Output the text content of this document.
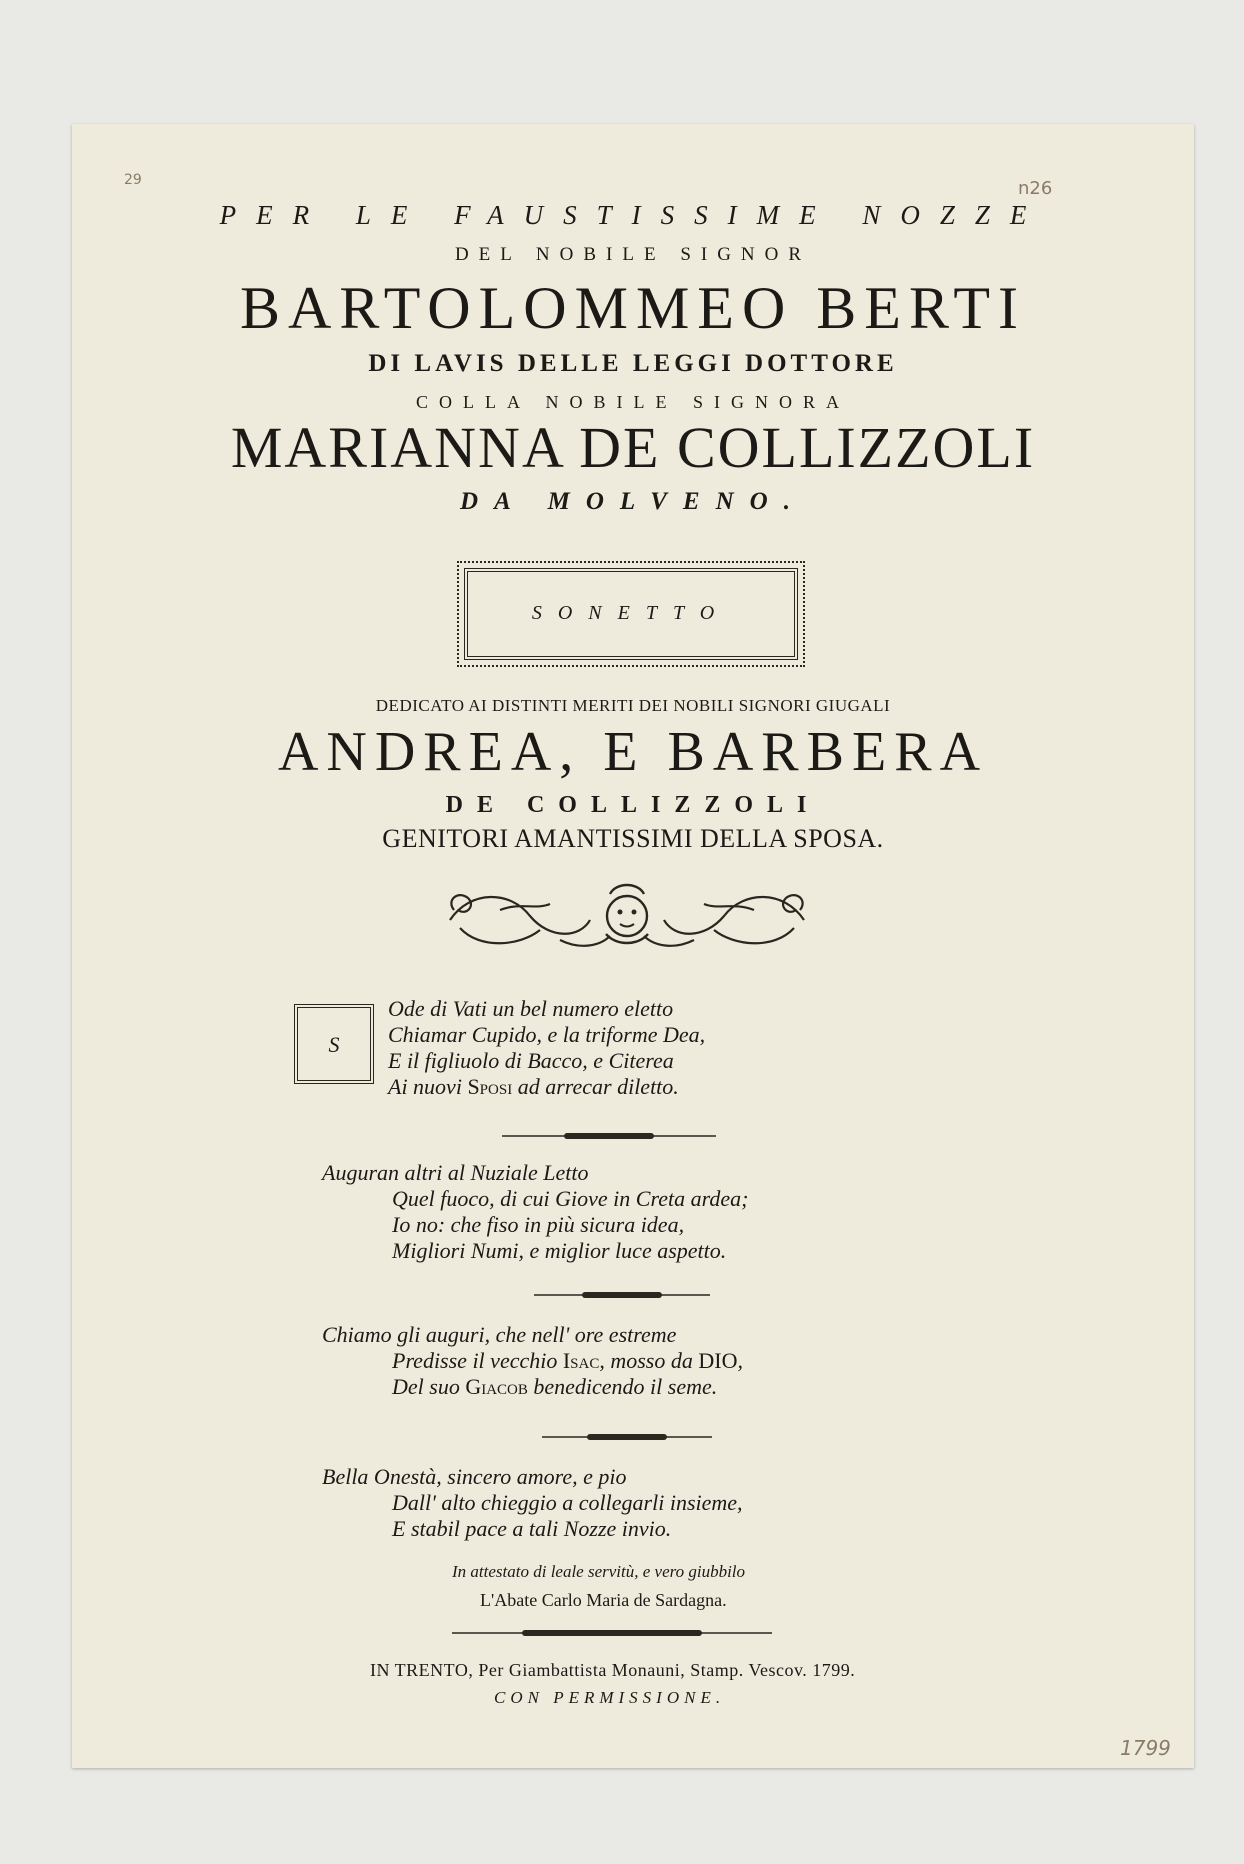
PER LE FAUSTISSIME NOZZE
DEL NOBILE SIGNOR
BARTOLOMMEO BERTI
DI LAVIS DELLE LEGGI DOTTORE
COLLA NOBILE SIGNORA
MARIANNA DE COLLIZZOLI
DA MOLVENO.
SONETTO
DEDICATO AI DISTINTI MERITI DEI NOBILI SIGNORI GIUGALI
ANDREA, E BARBERA
DE COLLIZZOLI
GENITORI AMANTISSIMI DELLA SPOSA.
S
Ode di Vati un bel numero eletto
Chiamar Cupido, e la triforme Dea,
E il figliuolo di Bacco, e Citerea
Ai nuovi Sposi ad arrecar diletto.
Auguran altri al Nuziale Letto
Quel fuoco, di cui Giove in Creta ardea;
Io no: che fiso in più sicura idea,
Migliori Numi, e miglior luce aspetto.
Chiamo gli auguri, che nell' ore estreme
Predisse il vecchio Isac, mosso da DIO,
Del suo Giacob benedicendo il seme.
Bella Onestà, sincero amore, e pio
Dall' alto chieggio a collegarli insieme,
E stabil pace a tali Nozze invio.
In attestato di leale servitù, e vero giubbilo
L'Abate Carlo Maria de Sardagna.
IN TRENTO, Per Giambattista Monauni, Stamp. Vescov. 1799.
CON PERMISSIONE.
29	n26
1799
